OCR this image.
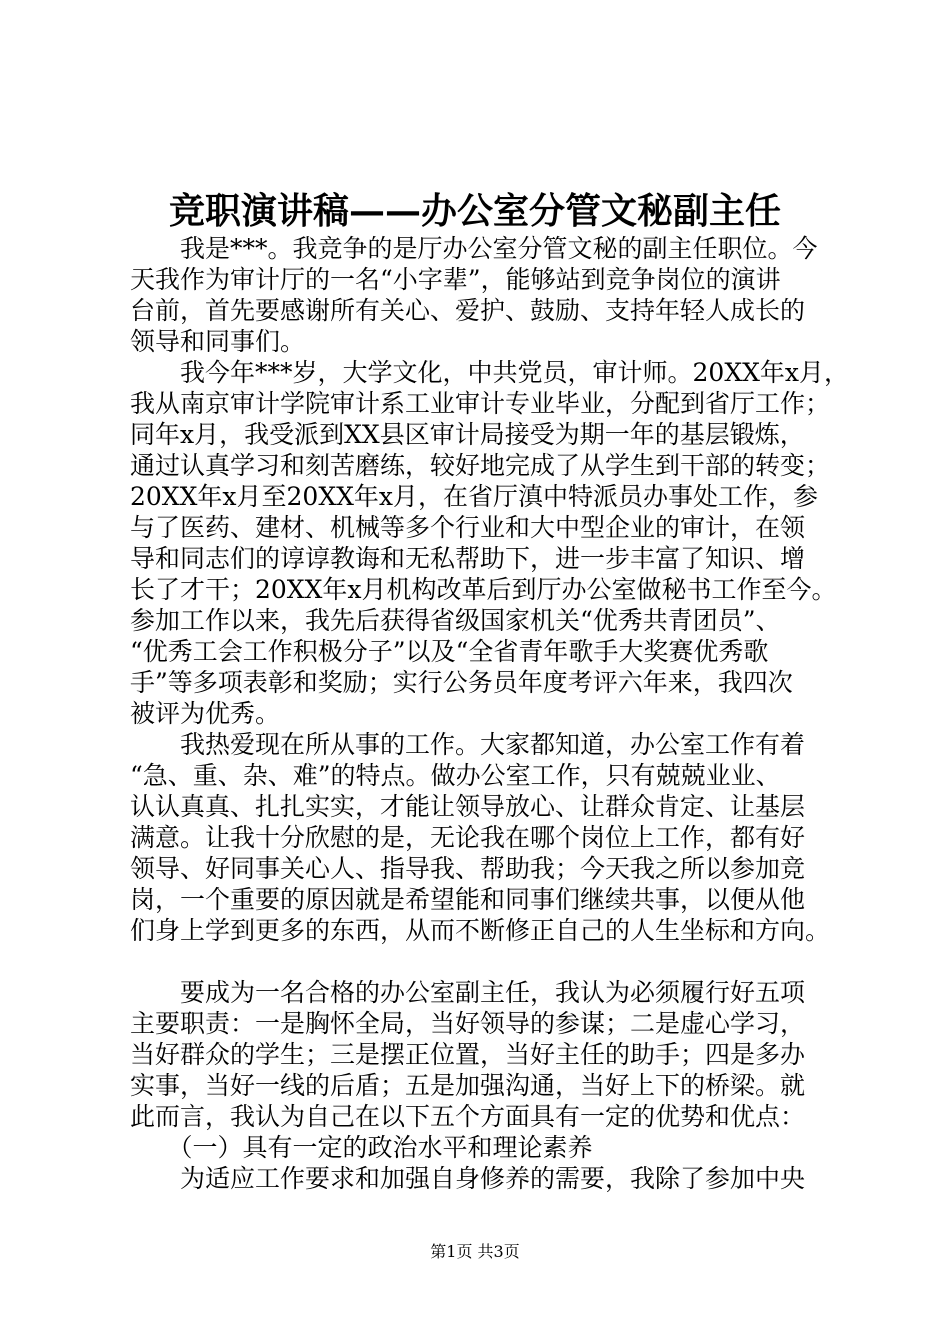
竞职演讲稿——办公室分管文秘副主任
　　我是***。我竞争的是厅办公室分管文秘的副主任职位。今
天我作为审计厅的一名“小字辈”，能够站到竞争岗位的演讲
台前，首先要感谢所有关心、爱护、鼓励、支持年轻人成长的
领导和同事们。
　　我今年***岁，大学文化，中共党员，审计师。20XX年x月，
我从南京审计学院审计系工业审计专业毕业，分配到省厅工作；
同年x月，我受派到XX县区审计局接受为期一年的基层锻炼，
通过认真学习和刻苦磨练，较好地完成了从学生到干部的转变；
20XX年x月至20XX年x月，在省厅滇中特派员办事处工作，参
与了医药、建材、机械等多个行业和大中型企业的审计，在领
导和同志们的谆谆教诲和无私帮助下，进一步丰富了知识、增
长了才干；20XX年x月机构改革后到厅办公室做秘书工作至今。
参加工作以来，我先后获得省级国家机关“优秀共青团员”、
“优秀工会工作积极分子”以及“全省青年歌手大奖赛优秀歌
手”等多项表彰和奖励；实行公务员年度考评六年来，我四次
被评为优秀。
　　我热爱现在所从事的工作。大家都知道，办公室工作有着
“急、重、杂、难”的特点。做办公室工作，只有兢兢业业、
认认真真、扎扎实实，才能让领导放心、让群众肯定、让基层
满意。让我十分欣慰的是，无论我在哪个岗位上工作，都有好
领导、好同事关心人、指导我、帮助我；今天我之所以参加竞
岗，一个重要的原因就是希望能和同事们继续共事，以便从他
们身上学到更多的东西，从而不断修正自己的人生坐标和方向。
　　要成为一名合格的办公室副主任，我认为必须履行好五项
主要职责：一是胸怀全局，当好领导的参谋；二是虚心学习，
当好群众的学生；三是摆正位置，当好主任的助手；四是多办
实事，当好一线的后盾；五是加强沟通，当好上下的桥梁。就
此而言，我认为自己在以下五个方面具有一定的优势和优点：
　　（一）具有一定的政治水平和理论素养
　　为适应工作要求和加强自身修养的需要，我除了参加中央
第1页 共3页
